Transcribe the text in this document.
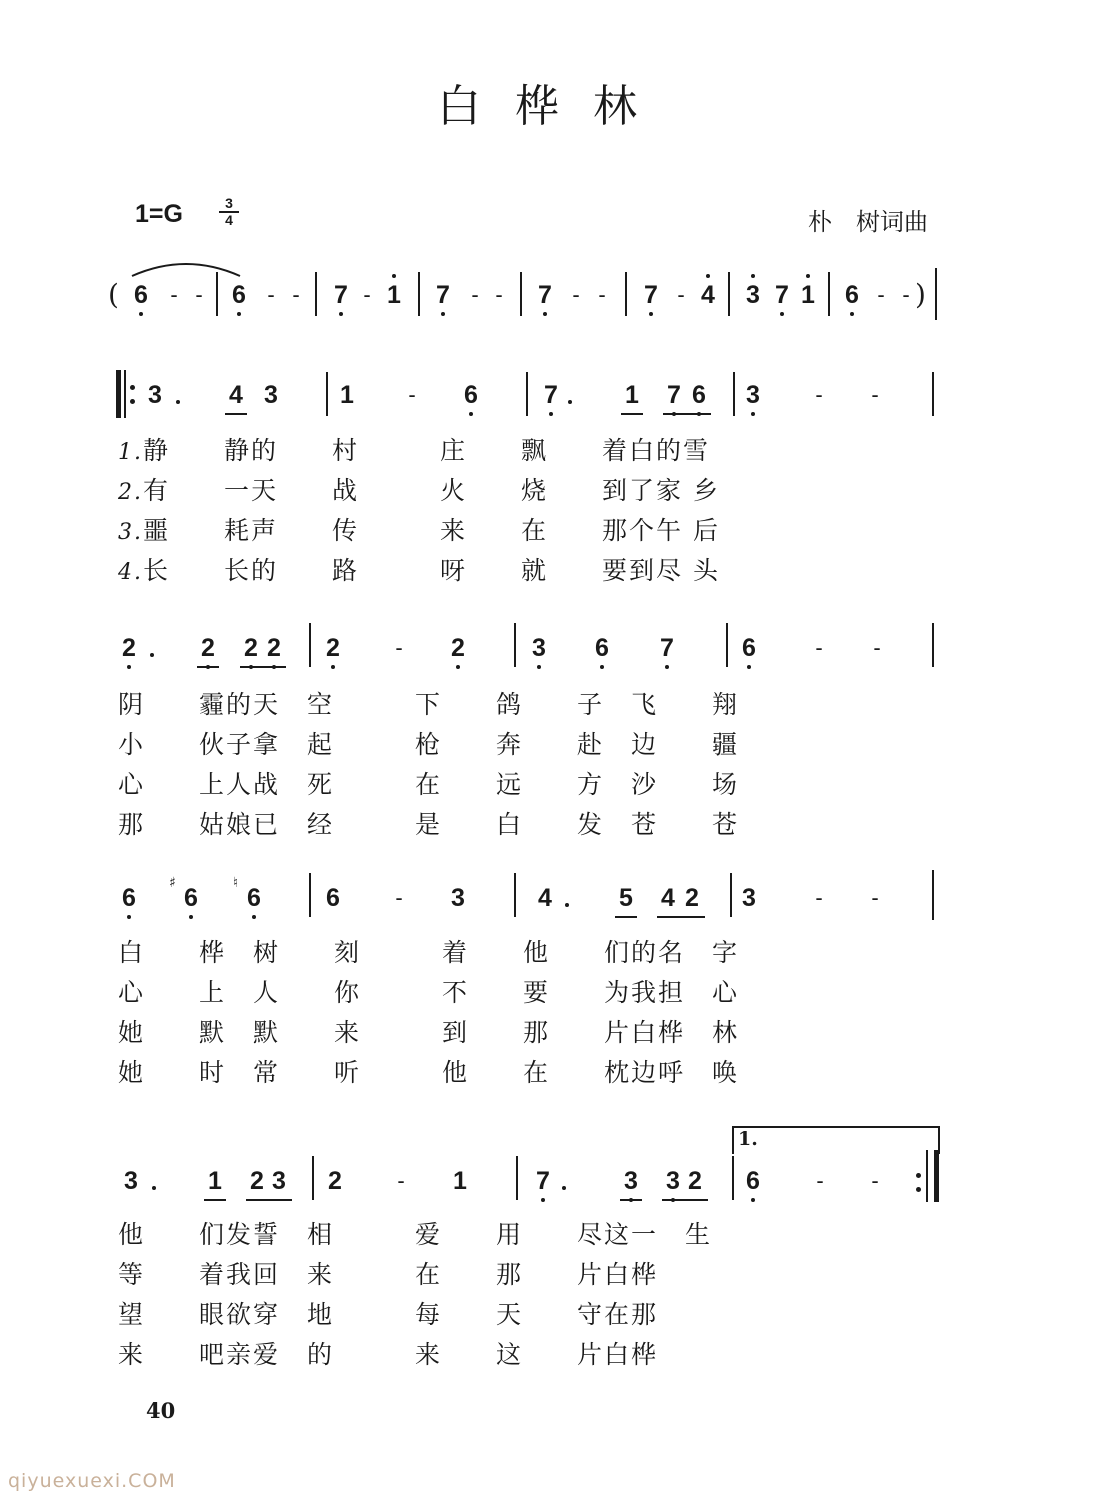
白桦林
1=G	3
4	朴　树词曲
( 6 - - 6 - - 7 - 1 7 - - 7 - - 7 - 4 3 7 1 6 - - )
3	4 3 1 - 6	7	1 7 6 3	- -
2	2 2 2 2	- 2	3 6 7	6	- -
6
♯
6
♮
6	6	- 3	4	5 4 2 3	- -
3	1 2 3 2	- 1	7	3 3 2 6	- -
1.
1.静　　静的　　村　　　庄　　飘　　着白的雪
2.有　　一天　　战　　　火　　烧　　到了家 乡
3.噩　　耗声　　传　　　来　　在　　那个午 后
4.长　　长的　　路　　　呀　　就　　要到尽 头
阴　　霾的天　空　　　下　　鸽　　子　飞　　翔
小　　伙子拿　起　　　枪　　奔　　赴　边　　疆
心　　上人战　死　　　在　　远　　方　沙　　场
那　　姑娘已　经　　　是　　白　　发　苍　　苍
白　　桦　树　　刻　　　着　　他　　们的名　字
心　　上　人　　你　　　不　　要　　为我担　心
她　　默　默　　来　　　到　　那　　片白桦　林
她　　时　常　　听　　　他　　在　　枕边呼　唤
他　　们发誓　相　　　爱　　用　　尽这一　生
等　　着我回　来　　　在　　那　　片白桦
望　　眼欲穿　地　　　每　　天　　守在那
来　　吧亲爱　的　　　来　　这　　片白桦
40
qiyuexuexi.COM
